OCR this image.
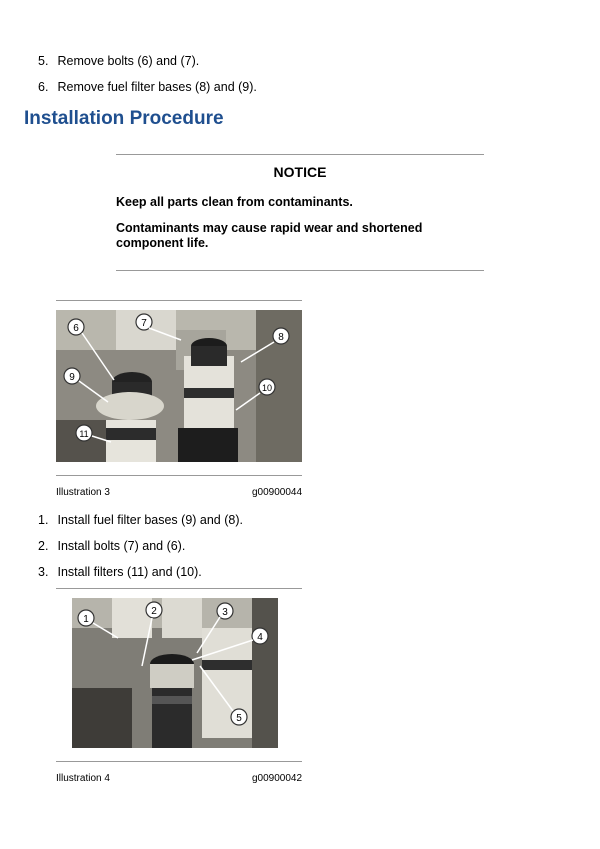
5. Remove bolts (6) and (7).
6. Remove fuel filter bases (8) and (9).
Installation Procedure
NOTICE
Keep all parts clean from contaminants.
Contaminants may cause rapid wear and shortened component life.
6	7
8
9
10
11
Illustration 3	g00900044
1. Install fuel filter bases (9) and (8).
2. Install bolts (7) and (6).
3. Install filters (11) and (10).
1
2	3
4
5
Illustration 4	g00900042
